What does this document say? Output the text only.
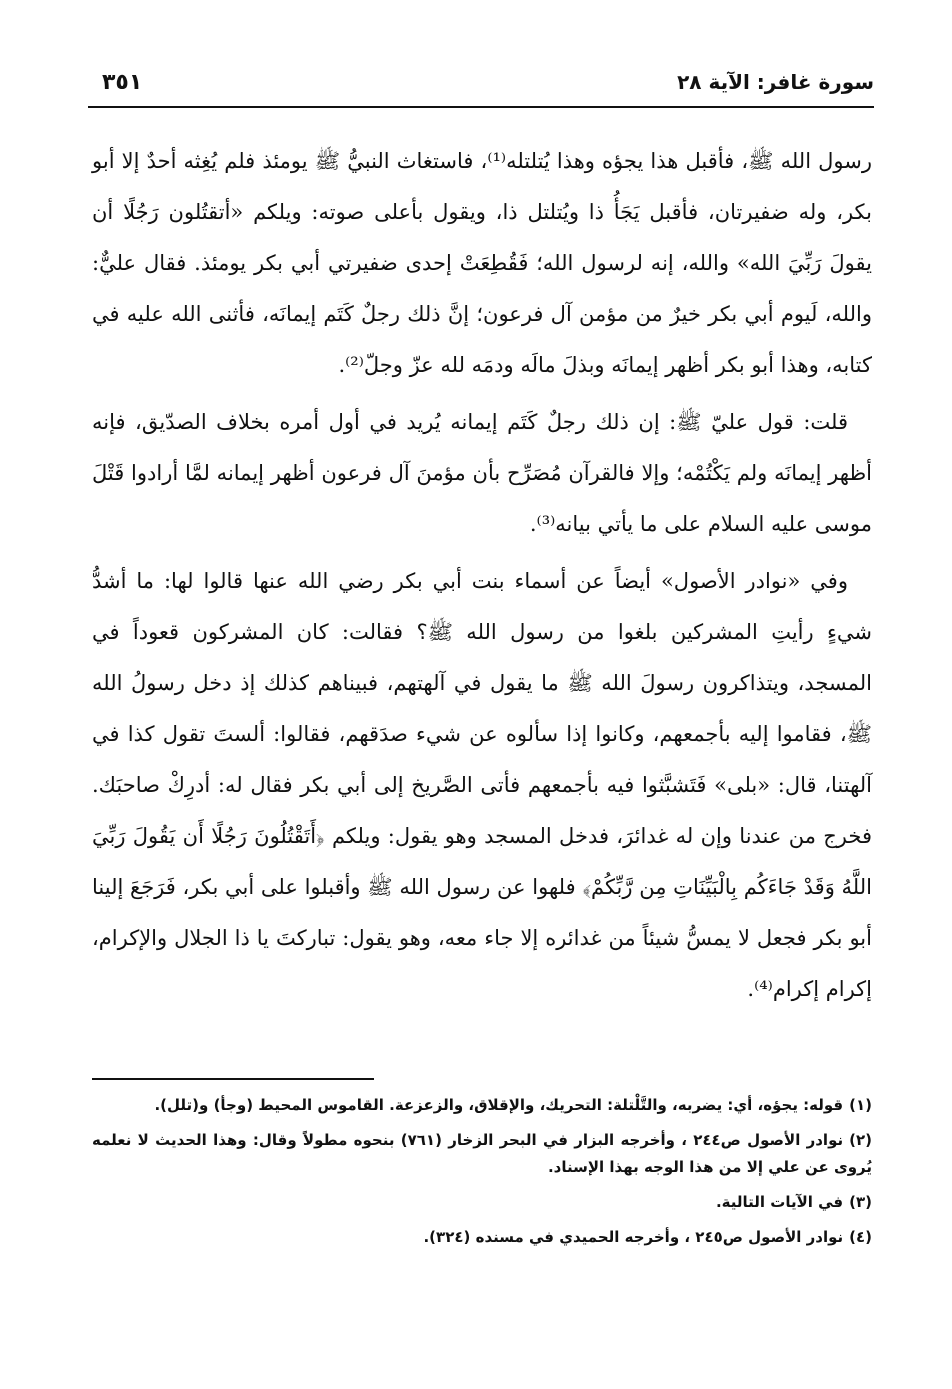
سورة غافر: الآية ٢٨
٣٥١

رسول الله ﷺ، فأقبل هذا يجؤه وهذا يُتلتله⁽¹⁾، فاستغاث النبيُّ ﷺ يومئذ فلم يُغِثه أحدٌ إلا أبو بكر، وله ضفيرتان، فأقبل يَجَأُ ذا ويُتلتل ذا، ويقول بأعلى صوته: ويلكم «أتقتُلون رَجُلًا أن يقولَ رَبِّيَ الله» والله، إنه لرسول الله؛ فَقُطِعَتْ إحدى ضفيرتي أبي بكر يومئذ. فقال عليٌّ: والله، لَيوم أبي بكر خيرٌ من مؤمن آل فرعون؛ إنَّ ذلك رجلٌ كَتَم إيمانَه، فأثنى الله عليه في كتابه، وهذا أبو بكر أظهر إيمانَه وبذلَ مالَه ودمَه لله عزّ وجلّ⁽²⁾.

قلت: قول عليّ ﷺ: إن ذلك رجلٌ كَتَم إيمانه يُريد في أول أمره بخلاف الصدّيق، فإنه أظهر إيمانَه ولم يَكْتُمْه؛ وإلا فالقرآن مُصَرِّح بأن مؤمنَ آل فرعون أظهر إيمانه لمَّا أرادوا قَتْلَ موسى عليه السلام على ما يأتي بيانه⁽³⁾.

وفي «نوادر الأصول» أيضاً عن أسماء بنت أبي بكر رضي الله عنها قالوا لها: ما أشدُّ شيءٍ رأيتِ المشركين بلغوا من رسول الله ﷺ؟ فقالت: كان المشركون قعوداً في المسجد، ويتذاكرون رسولَ الله ﷺ ما يقول في آلهتهم، فبيناهم كذلك إذ دخل رسولُ الله ﷺ، فقاموا إليه بأجمعهم، وكانوا إذا سألوه عن شيء صدَقهم، فقالوا: ألستَ تقول كذا في آلهتنا، قال: «بلى» فَتَشبَّثوا فيه بأجمعهم فأتى الصَّريخ إلى أبي بكر فقال له: أدرِكْ صاحبَك. فخرج من عندنا وإن له غدائرَ، فدخل المسجد وهو يقول: ويلكم ﴿أَتَقْتُلُونَ رَجُلًا أَن يَقُولَ رَبِّيَ اللَّهُ وَقَدْ جَاءَكُم بِالْبَيِّنَاتِ مِن رَّبِّكُمْ﴾ فلهوا عن رسول الله ﷺ وأقبلوا على أبي بكر، فَرَجَعَ إلينا أبو بكر فجعل لا يمسُّ شيئاً من غدائره إلا جاء معه، وهو يقول: تباركتَ يا ذا الجلال والإكرام، إكرام إكرام⁽⁴⁾.

(١)قوله: يجؤه، أي: يضربه، والتَّلْتلة: التحريك، والإقلاق، والزعزعة. القاموس المحيط (وجأ) و(تلل).

(٢)نوادر الأصول ص٢٤٤ ، وأخرجه البزار في البحر الزخار (٧٦١) بنحوه مطولاً وقال: وهذا الحديث لا نعلمه يُروى عن علي إلا من هذا الوجه بهذا الإسناد.

(٣)في الآيات التالية.

(٤)نوادر الأصول ص٢٤٥ ، وأخرجه الحميدي في مسنده (٣٢٤).
